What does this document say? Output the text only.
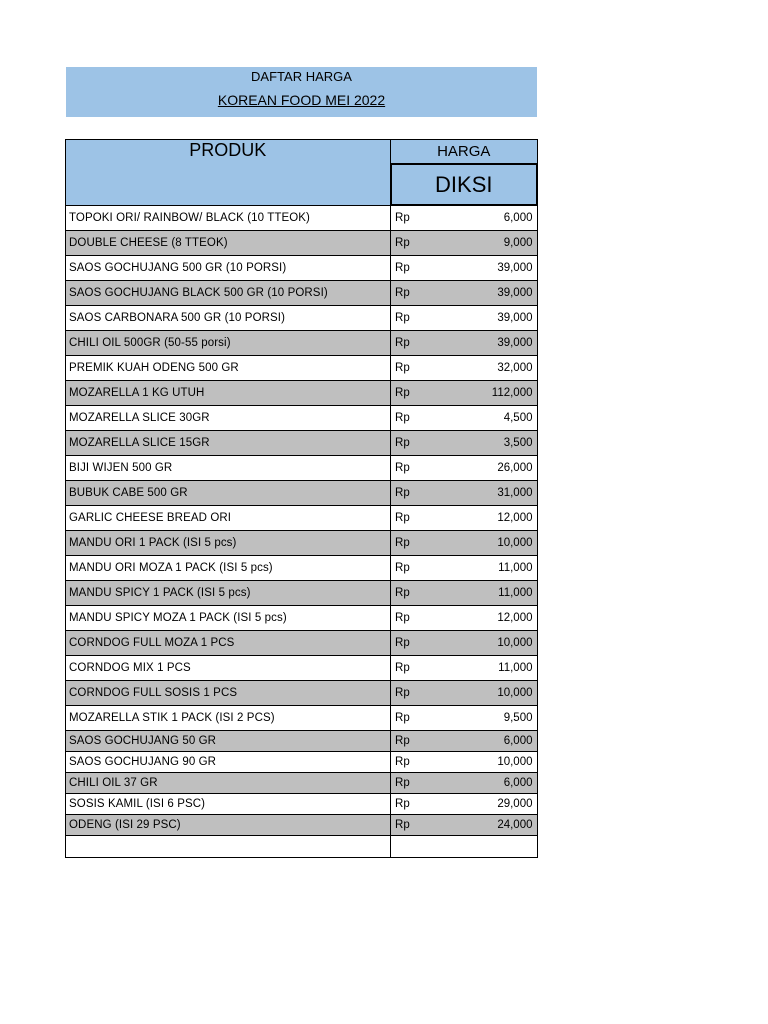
DAFTAR HARGA
KOREAN FOOD MEI 2022
PRODUK	HARGA
	DIKSI
TOPOKI ORI/ RAINBOW/ BLACK (10 TTEOK)	Rp 6,000

DOUBLE CHEESE (8 TTEOK)	Rp 9,000

SAOS GOCHUJANG 500 GR (10 PORSI)	Rp 39,000

SAOS GOCHUJANG BLACK 500 GR (10 PORSI)	Rp 39,000

SAOS CARBONARA 500 GR (10 PORSI)	Rp 39,000

CHILI OIL 500GR (50-55 porsi)	Rp 39,000

PREMIK KUAH ODENG 500 GR	Rp 32,000

MOZARELLA 1 KG UTUH	Rp 112,000

MOZARELLA SLICE 30GR	Rp 4,500

MOZARELLA SLICE 15GR	Rp 3,500

BIJI WIJEN 500 GR	Rp 26,000

BUBUK CABE 500 GR	Rp 31,000

GARLIC CHEESE BREAD ORI	Rp 12,000

MANDU ORI 1 PACK (ISI 5 pcs)	Rp 10,000

MANDU ORI MOZA 1 PACK (ISI 5 pcs)	Rp 11,000

MANDU SPICY 1 PACK (ISI 5 pcs)	Rp 11,000

MANDU SPICY MOZA 1 PACK (ISI 5 pcs)	Rp 12,000

CORNDOG FULL MOZA 1 PCS	Rp 10,000

CORNDOG MIX 1 PCS	Rp 11,000

CORNDOG FULL SOSIS 1 PCS	Rp 10,000

MOZARELLA STIK 1 PACK (ISI 2 PCS)	Rp 9,500

SAOS GOCHUJANG 50 GR	Rp 6,000

SAOS GOCHUJANG 90 GR	Rp 10,000

CHILI OIL 37 GR	Rp 6,000

SOSIS KAMIL (ISI 6 PSC)	Rp 29,000

ODENG (ISI 29 PSC)	Rp 24,000
